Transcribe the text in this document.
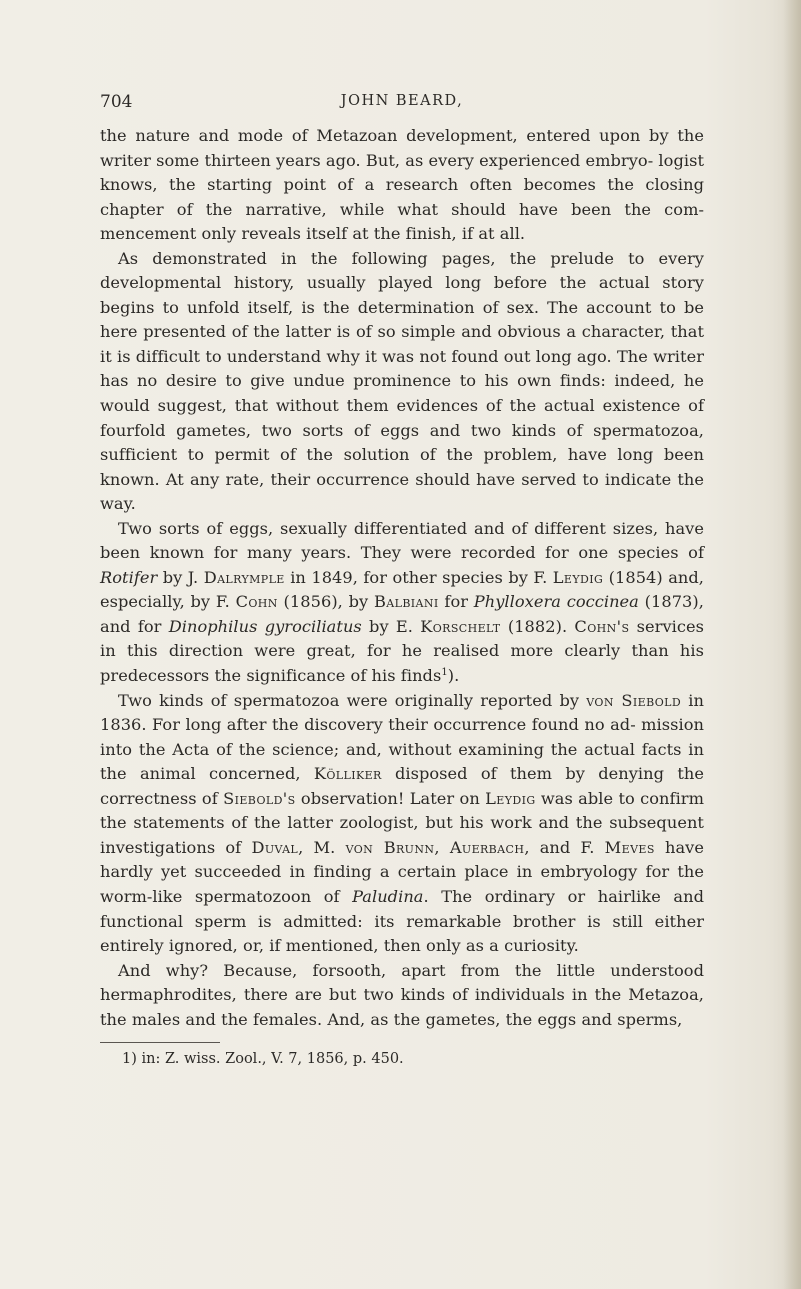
704	JOHN BEARD,

the nature and mode of Metazoan development, entered upon by the writer some thirteen years ago. But, as every experienced embryo- logist knows, the starting point of a research often becomes the closing chapter of the narrative, while what should have been the com- mencement only reveals itself at the finish, if at all.

As demonstrated in the following pages, the prelude to every developmental history, usually played long before the actual story begins to unfold itself, is the determination of sex. The account to be here presented of the latter is of so simple and obvious a character, that it is difficult to understand why it was not found out long ago. The writer has no desire to give undue prominence to his own finds: indeed, he would suggest, that without them evidences of the actual existence of fourfold gametes, two sorts of eggs and two kinds of spermatozoa, sufficient to permit of the solution of the problem, have long been known. At any rate, their occurrence should have served to indicate the way.

Two sorts of eggs, sexually differentiated and of different sizes, have been known for many years. They were recorded for one species of Rotifer by J. Dalrymple in 1849, for other species by F. Leydig (1854) and, especially, by F. Cohn (1856), by Balbiani for Phylloxera coccinea (1873), and for Dinophilus gyrociliatus by E. Korschelt (1882). Cohn's services in this direction were great, for he realised more clearly than his predecessors the significance of his finds$^1$).

Two kinds of spermatozoa were originally reported by von Siebold in 1836. For long after the discovery their occurrence found no ad- mission into the Acta of the science; and, without examining the actual facts in the animal concerned, Kölliker disposed of them by denying the correctness of Siebold's observation! Later on Leydig was able to confirm the statements of the latter zoologist, but his work and the subsequent investigations of Duval, M. von Brunn, Auerbach, and F. Meves have hardly yet succeeded in finding a certain place in embryology for the worm-like spermatozoon of Paludina. The ordinary or hairlike and functional sperm is admitted: its remarkable brother is still either entirely ignored, or, if mentioned, then only as a curiosity.

And why? Because, forsooth, apart from the little understood hermaphrodites, there are but two kinds of individuals in the Metazoa, the males and the females. And, as the gametes, the eggs and sperms,

1) in: Z. wiss. Zool., V. 7, 1856, p. 450.
